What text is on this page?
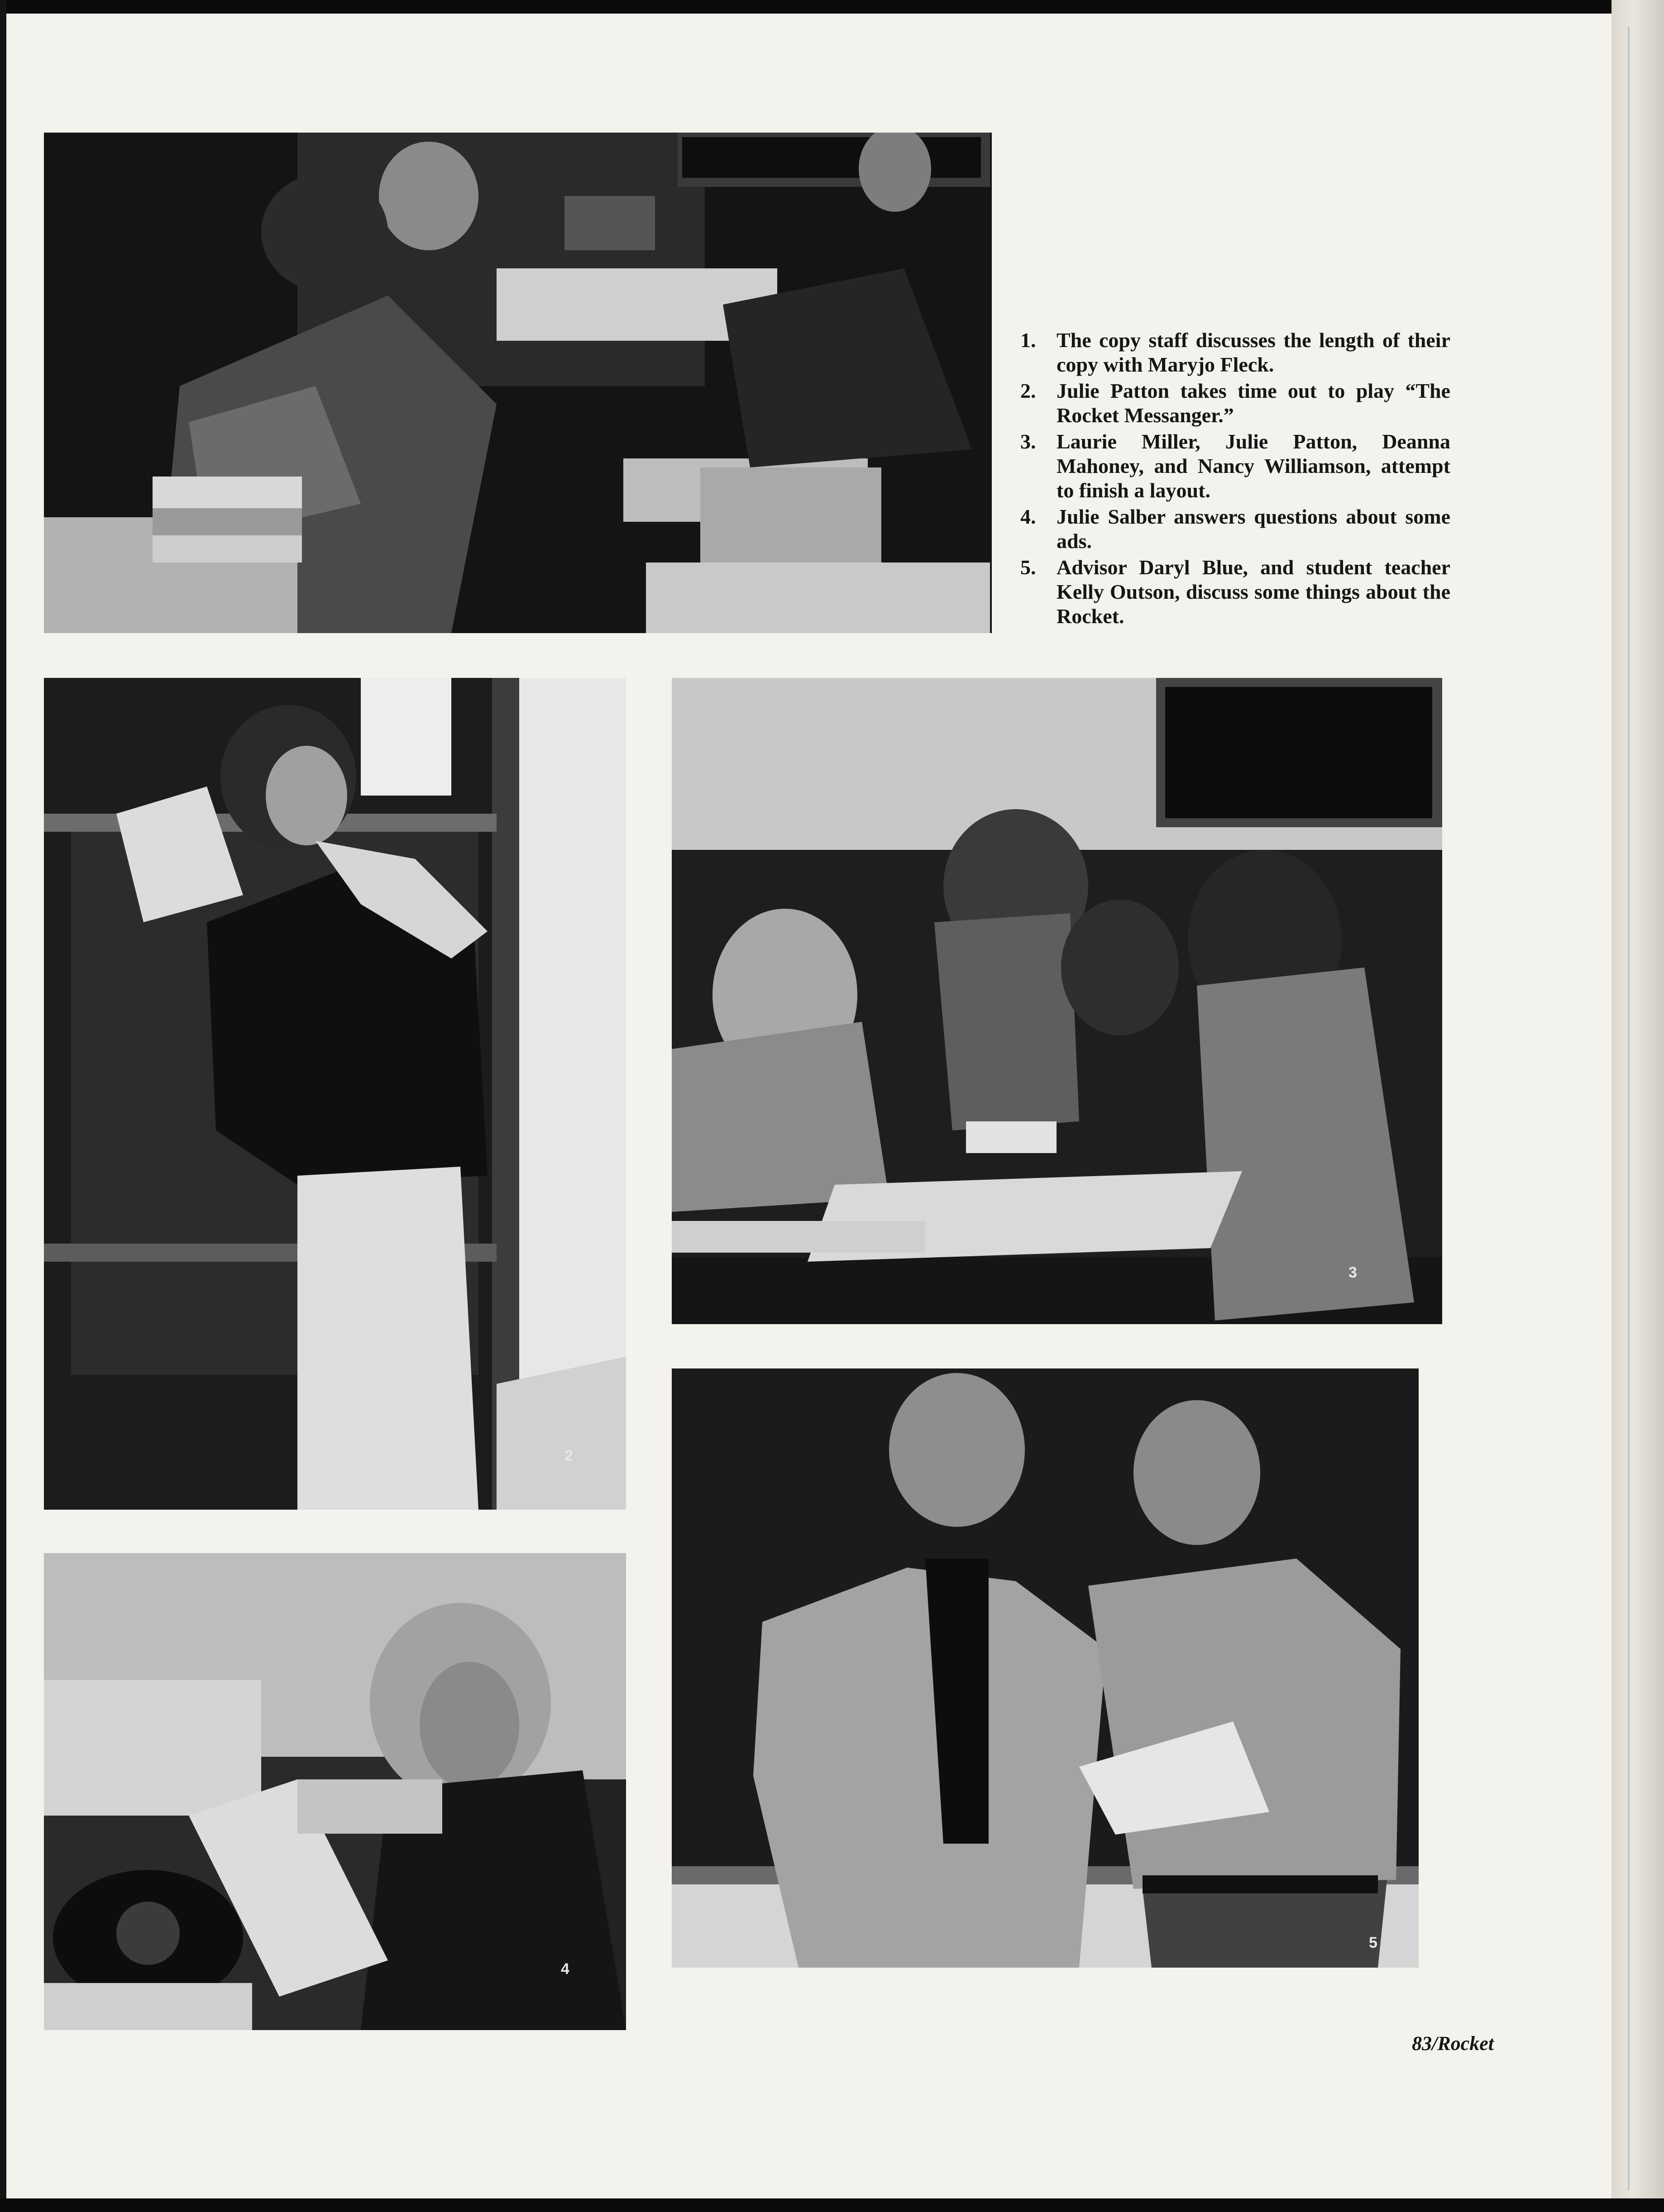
2
3
4
5
1. The copy staff discusses the length of their copy with Maryjo Fleck.
2. Julie Patton takes time out to play “The Rocket Messanger.”
3. Laurie Miller, Julie Patton, Deanna Mahoney, and Nancy Williamson, attempt to finish a layout.
4. Julie Salber answers questions about some ads.
5. Advisor Daryl Blue, and student teacher Kelly Outson, discuss some things about the Rocket.
83/Rocket
